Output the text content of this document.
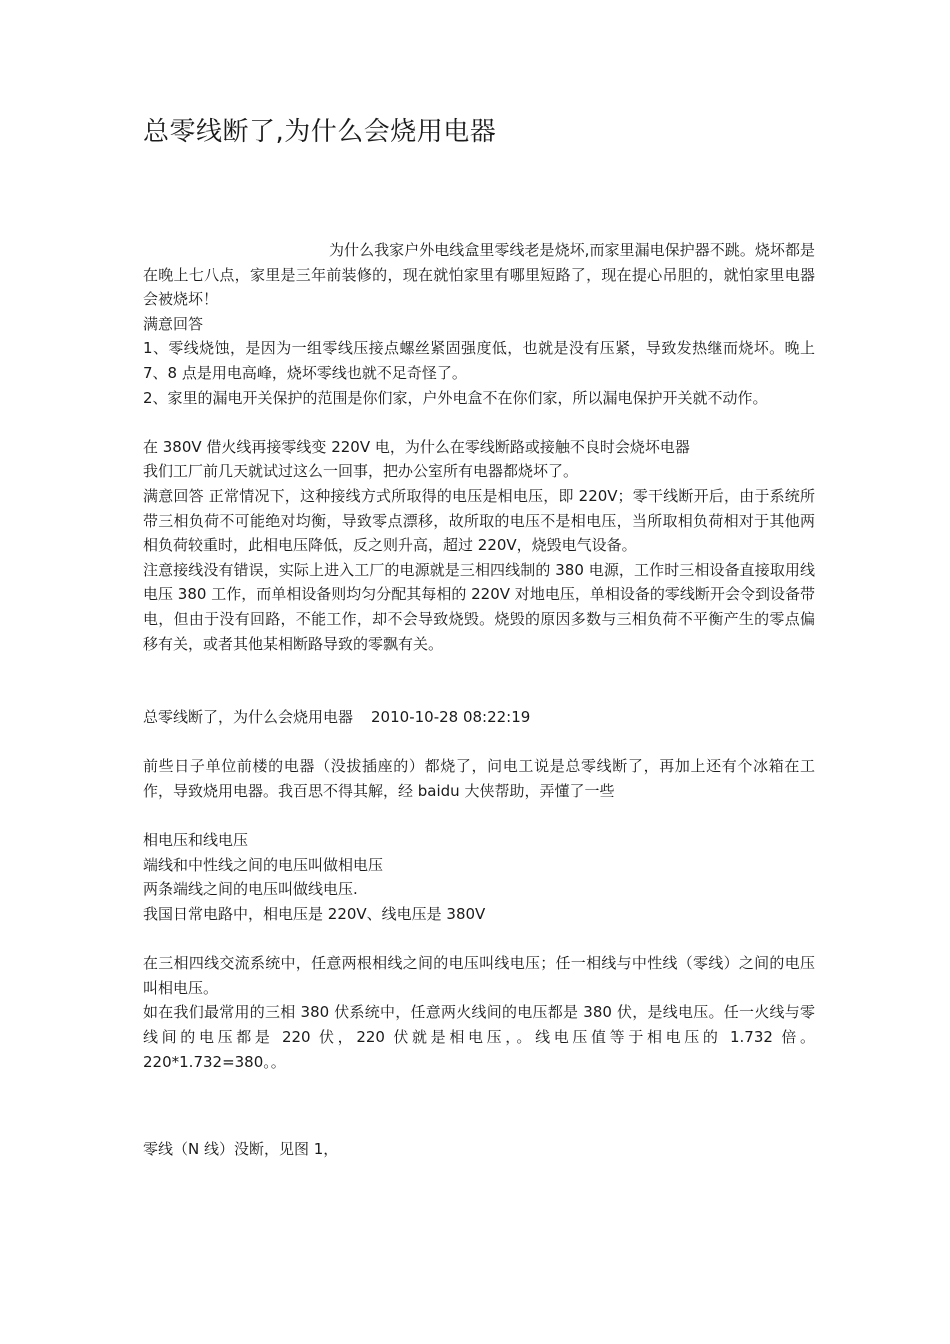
总零线断了,为什么会烧用电器

为什么我家户外电线盒里零线老是烧坏,而家里漏电保护器不跳。烧坏都是在晚上七八点，家里是三年前装修的，现在就怕家里有哪里短路了，现在提心吊胆的，就怕家里电器会被烧坏！

满意回答

1、零线烧蚀，是因为一组零线压接点螺丝紧固强度低，也就是没有压紧，导致发热继而烧坏。晚上 7、8 点是用电高峰，烧坏零线也就不足奇怪了。

2、家里的漏电开关保护的范围是你们家，户外电盒不在你们家，所以漏电保护开关就不动作。

在 380V 借火线再接零线变 220V 电，为什么在零线断路或接触不良时会烧坏电器

我们工厂前几天就试过这么一回事，把办公室所有电器都烧坏了。

满意回答 正常情况下，这种接线方式所取得的电压是相电压，即 220V；零干线断开后，由于系统所带三相负荷不可能绝对均衡，导致零点漂移，故所取的电压不是相电压，当所取相负荷相对于其他两相负荷较重时，此相电压降低，反之则升高，超过 220V，烧毁电气设备。

注意接线没有错误，实际上进入工厂的电源就是三相四线制的 380 电源，工作时三相设备直接取用线电压 380 工作，而单相设备则均匀分配其每相的 220V 对地电压，单相设备的零线断开会令到设备带电，但由于没有回路，不能工作，却不会导致烧毁。烧毁的原因多数与三相负荷不平衡产生的零点偏移有关，或者其他某相断路导致的零飘有关。

总零线断了，为什么会烧用电器 2010-10-28 08:22:19

前些日子单位前楼的电器（没拔插座的）都烧了，问电工说是总零线断了，再加上还有个冰箱在工作，导致烧用电器。我百思不得其解，经 baidu 大侠帮助，弄懂了一些

相电压和线电压

端线和中性线之间的电压叫做相电压

两条端线之间的电压叫做线电压.

我国日常电路中，相电压是 220V、线电压是 380V

在三相四线交流系统中，任意两根相线之间的电压叫线电压；任一相线与中性线（零线）之间的电压叫相电压。

如在我们最常用的三相 380 伏系统中，任意两火线间的电压都是 380 伏，是线电压。任一火线与零线间的电压都是 220 伏，220 伏就是相电压，。线电压值等于相电压的 1.732 倍。220*1.732=380。。

零线（N 线）没断，见图 1，
